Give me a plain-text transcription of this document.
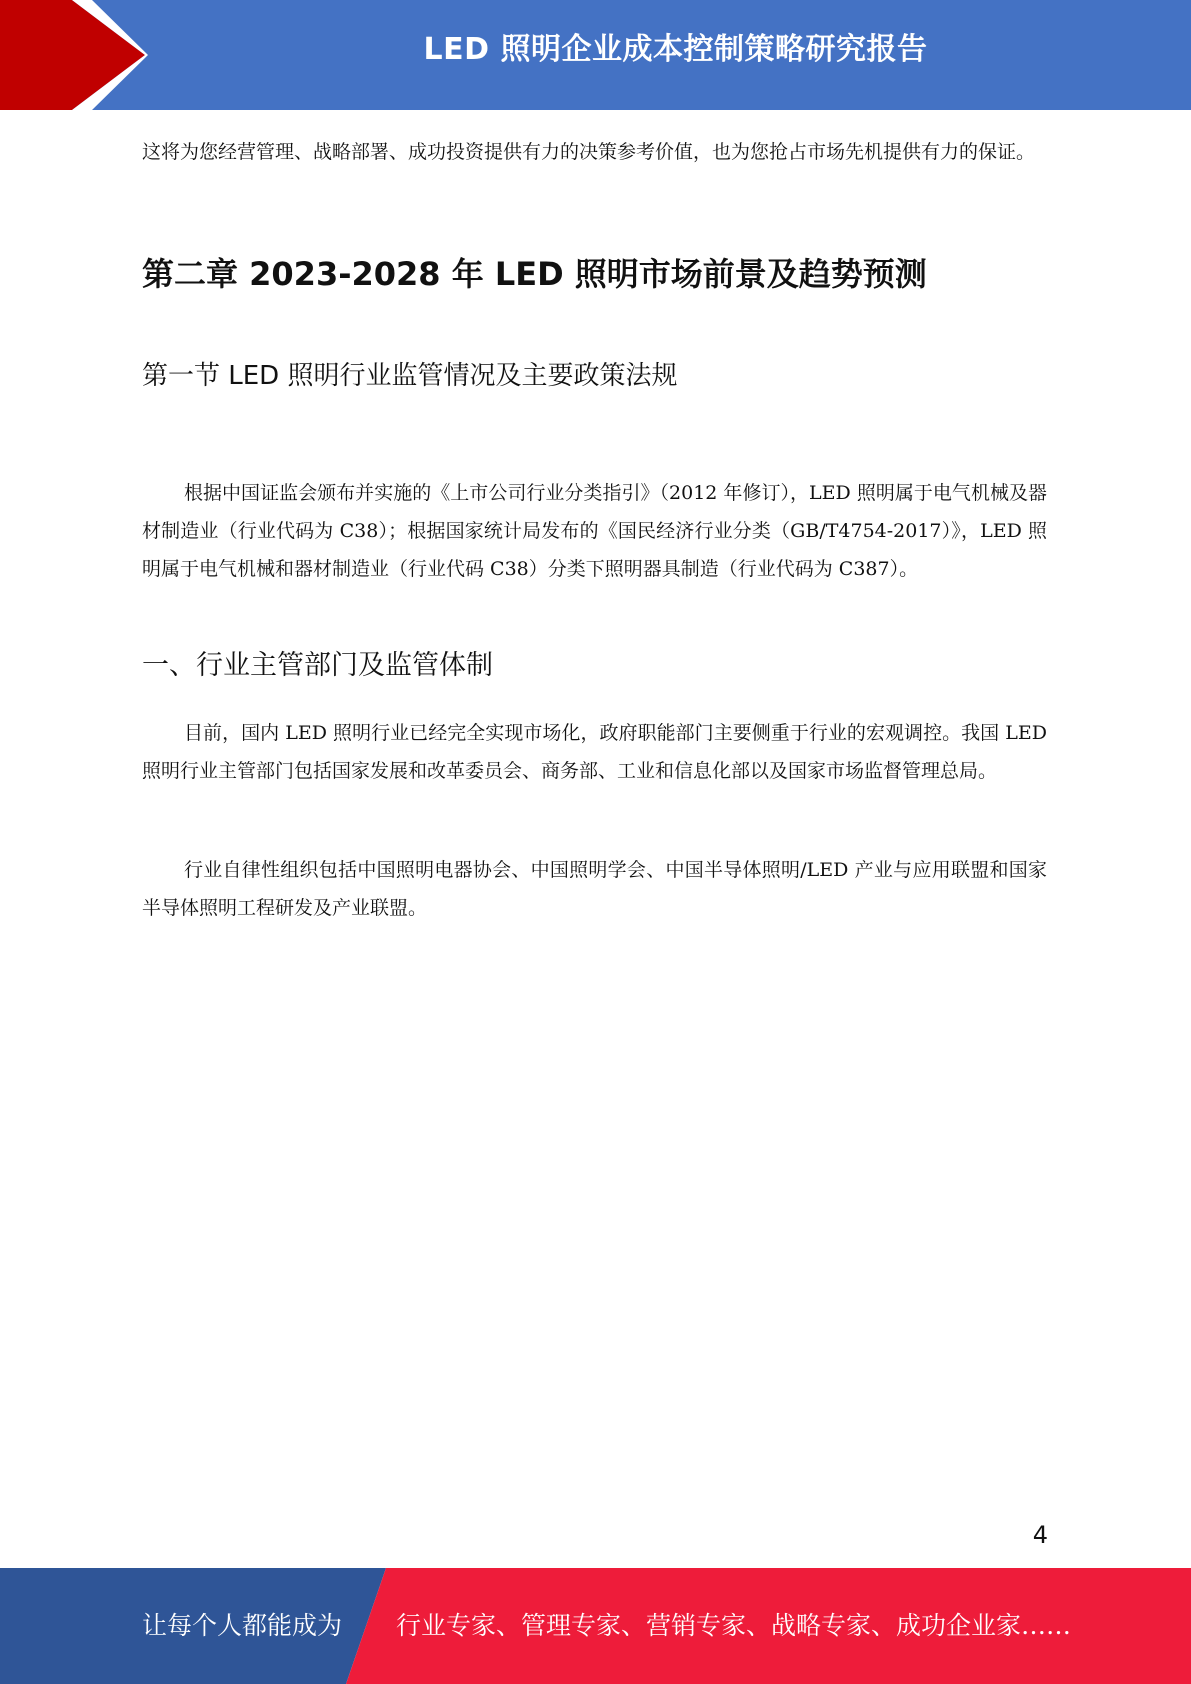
LED 照明企业成本控制策略研究报告

这将为您经营管理、战略部署、成功投资提供有力的决策参考价值，也为您抢占市场先机提供有力的保证。

第二章 2023-2028 年 LED 照明市场前景及趋势预测
第一节 LED 照明行业监管情况及主要政策法规

根据中国证监会颁布并实施的《上市公司行业分类指引》（2012 年修订），LED 照明属于电气机械及器材制造业（行业代码为 C38）；根据国家统计局发布的《国民经济行业分类（GB/T4754-2017）》，LED 照明属于电气机械和器材制造业（行业代码 C38）分类下照明器具制造（行业代码为 C387）。

一、行业主管部门及监管体制

目前，国内 LED 照明行业已经完全实现市场化，政府职能部门主要侧重于行业的宏观调控。我国 LED 照明行业主管部门包括国家发展和改革委员会、商务部、工业和信息化部以及国家市场监督管理总局。

行业自律性组织包括中国照明电器协会、中国照明学会、中国半导体照明/LED 产业与应用联盟和国家半导体照明工程研发及产业联盟。

4
让每个人都能成为 行业专家、管理专家、营销专家、战略专家、成功企业家……
